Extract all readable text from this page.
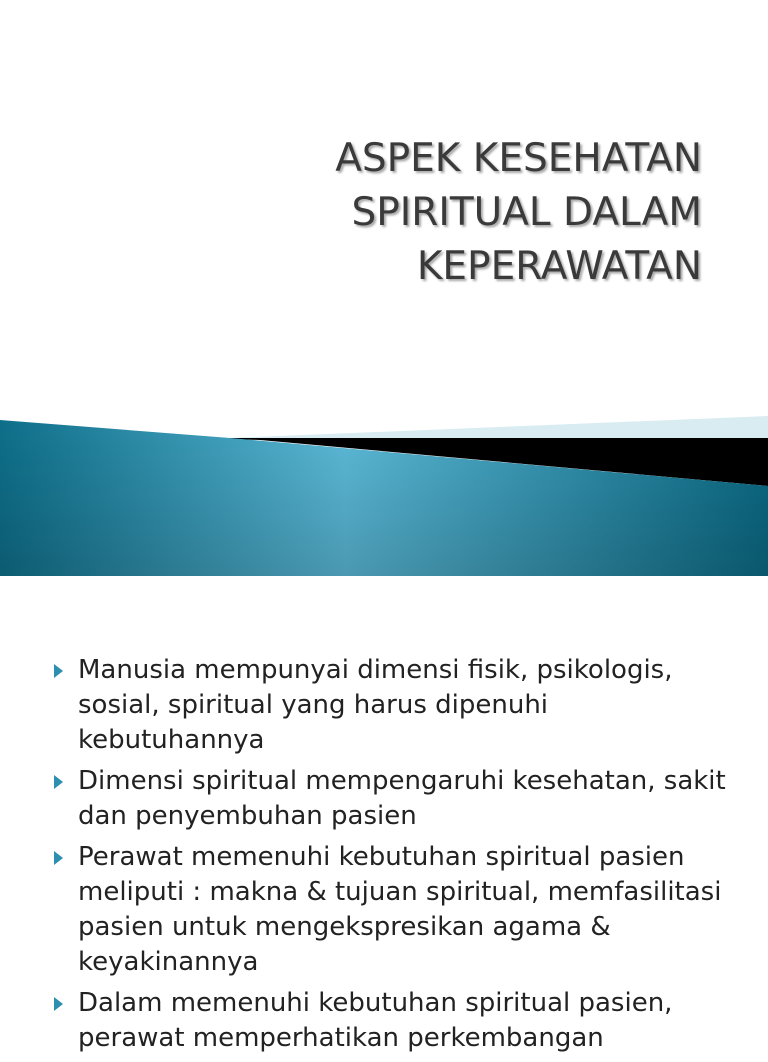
ASPEK KESEHATAN
SPIRITUAL DALAM
KEPERAWATAN
Manusia mempunyai dimensi fisik, psikologis, sosial, spiritual yang harus dipenuhi kebutuhannya
Dimensi spiritual mempengaruhi kesehatan, sakit dan penyembuhan pasien
Perawat memenuhi kebutuhan spiritual pasien meliputi : makna & tujuan spiritual, memfasilitasi pasien untuk mengekspresikan agama & keyakinannya
Dalam memenuhi kebutuhan spiritual pasien, perawat memperhatikan perkembangan
